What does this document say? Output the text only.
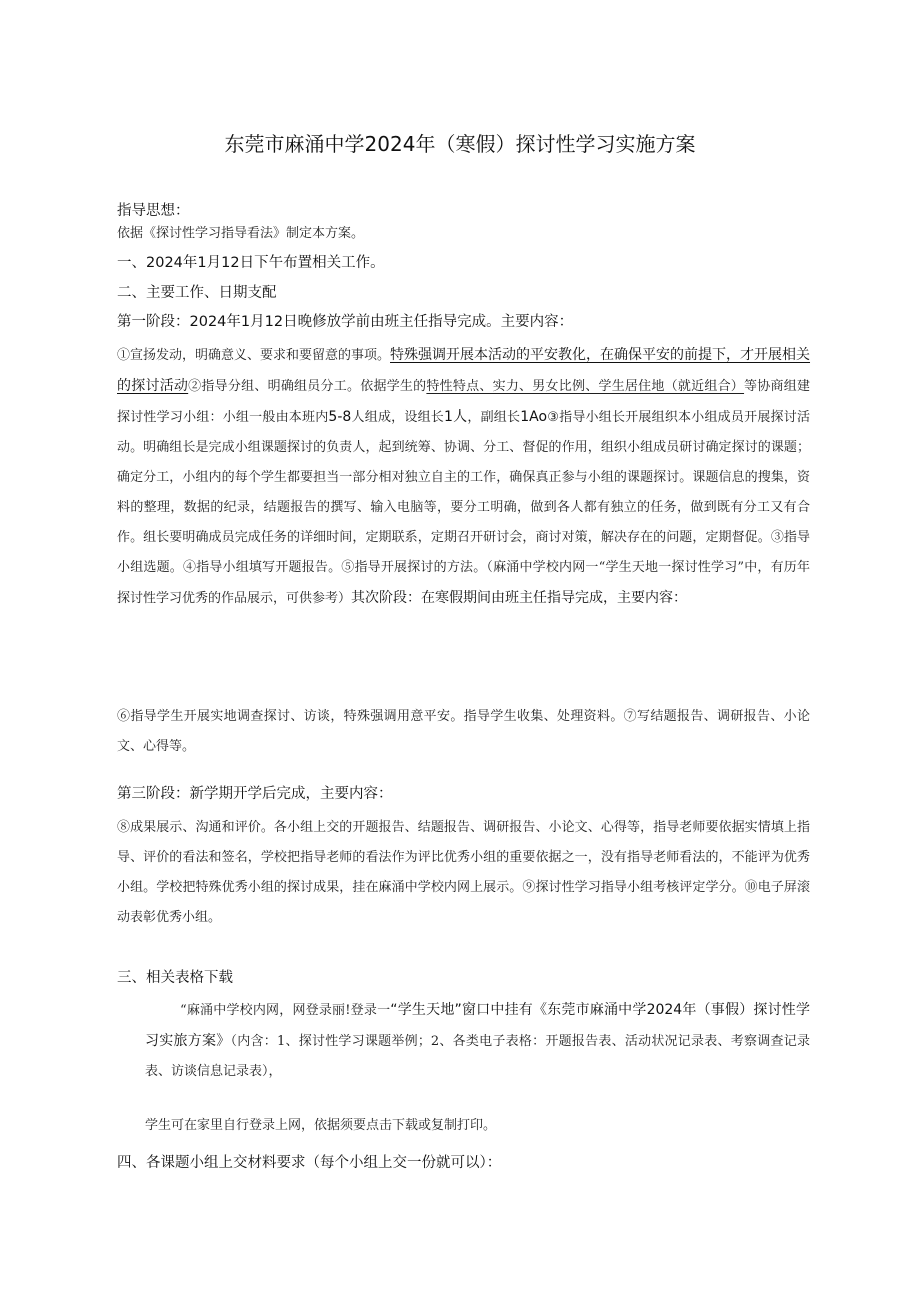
东莞市麻涌中学2024年（寒假）探讨性学习实施方案
指导思想：
依据《探讨性学习指导看法》制定本方案。
一、2024年1月12日下午布置相关工作。
二、主要工作、日期支配
第一阶段：2024年1月12日晚修放学前由班主任指导完成。主要内容：
①宣扬发动，明确意义、要求和要留意的事项。特殊强调开展本活动的平安教化，在确保平安的前提下，才开展相关的探讨活动②指导分组、明确组员分工。依据学生的特性特点、实力、男女比例、学生居住地（就近组合）等协商组建探讨性学习小组：小组一般由本班内5-8人组成，设组长1人，副组长1Ao③指导小组长开展组织本小组成员开展探讨活动。明确组长是完成小组课题探讨的负责人，起到统筹、协调、分工、督促的作用，组织小组成员研讨确定探讨的课题；确定分工，小组内的每个学生都要担当一部分相对独立自主的工作，确保真正参与小组的课题探讨。课题信息的搜集，资料的整理，数据的纪录，结题报告的撰写、输入电脑等，要分工明确，做到各人都有独立的任务，做到既有分工又有合作。组长要明确成员完成任务的详细时间，定期联系，定期召开研讨会，商讨对策，解决存在的问题，定期督促。③指导小组选题。④指导小组填写开题报告。⑤指导开展探讨的方法。（麻涌中学校内网一“学生天地一探讨性学习”中，有历年探讨性学习优秀的作品展示，可供参考）其次阶段：在寒假期间由班主任指导完成，主要内容：
⑥指导学生开展实地调查探讨、访谈，特殊强调用意平安。指导学生收集、处理资料。⑦写结题报告、调研报告、小论文、心得等。
第三阶段：新学期开学后完成，主要内容：
⑧成果展示、沟通和评价。各小组上交的开题报告、结题报告、调研报告、小论文、心得等，指导老师要依据实情填上指导、评价的看法和签名，学校把指导老师的看法作为评比优秀小组的重要依据之一，没有指导老师看法的，不能评为优秀小组。学校把特殊优秀小组的探讨成果，挂在麻涌中学校内网上展示。⑨探讨性学习指导小组考核评定学分。⑩电子屏滚动表彰优秀小组。
三、相关表格下载
“麻涌中学校内网，网登录丽!登录一“学生天地”窗口中挂有《东莞市麻涌中学2024年（事假）探讨性学习实旅方案》（内含：1、探讨性学习课题举例；2、各类电子表格：开题报告表、活动状况记录表、考察调查记录表、访谈信息记录表），
学生可在家里自行登录上网，依据须要点击下载或复制打印。
四、各课题小组上交材料要求（每个小组上交一份就可以）：
